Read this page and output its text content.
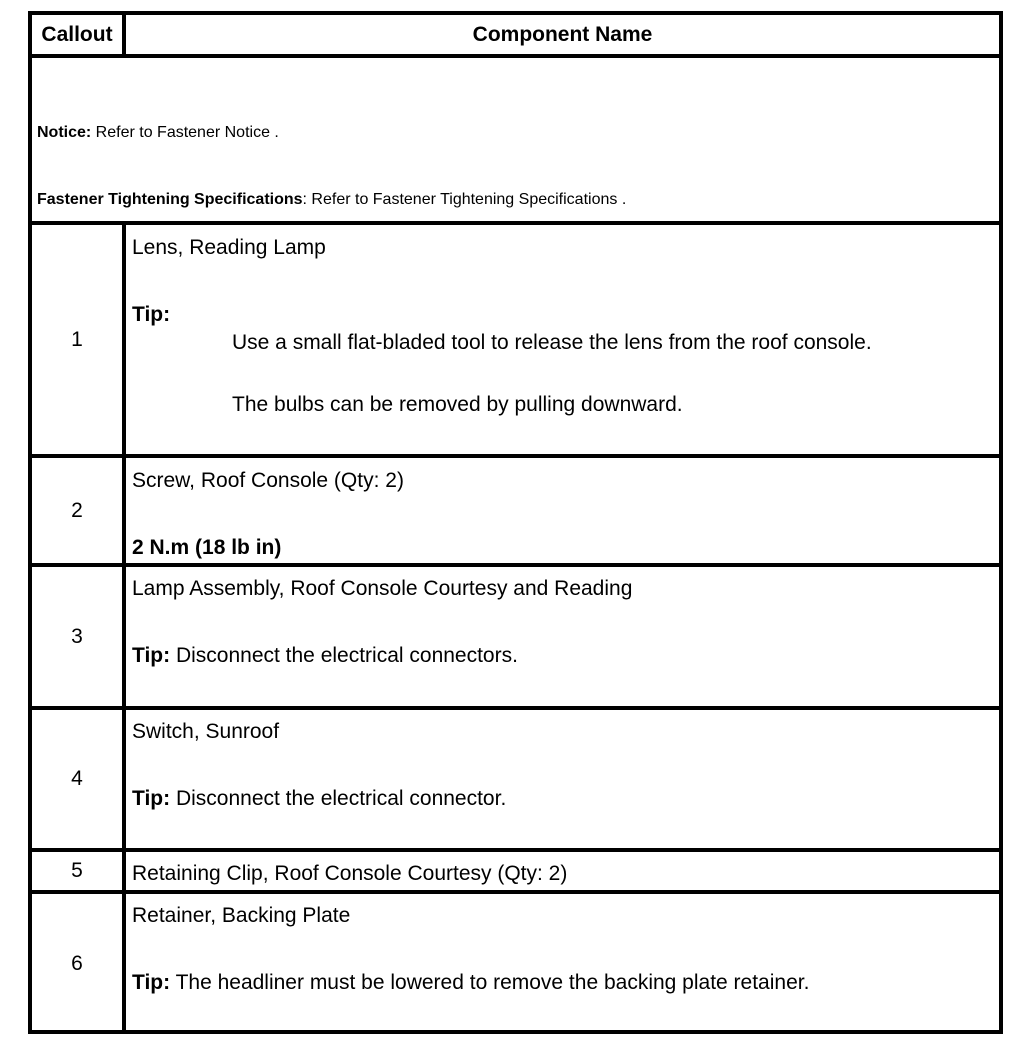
Callout	Component Name
Notice: Refer to Fastener Notice .
Fastener Tightening Specifications: Refer to Fastener Tightening Specifications .
1
Lens, Reading Lamp
Tip:
Use a small flat-bladed tool to release the lens from the roof console.
The bulbs can be removed by pulling downward.
2
Screw, Roof Console (Qty: 2)
2 N.m (18 lb in)
3
Lamp Assembly, Roof Console Courtesy and Reading
Tip: Disconnect the electrical connectors.
4
Switch, Sunroof
Tip: Disconnect the electrical connector.
5	Retaining Clip, Roof Console Courtesy (Qty: 2)
6
Retainer, Backing Plate
Tip: The headliner must be lowered to remove the backing plate retainer.
